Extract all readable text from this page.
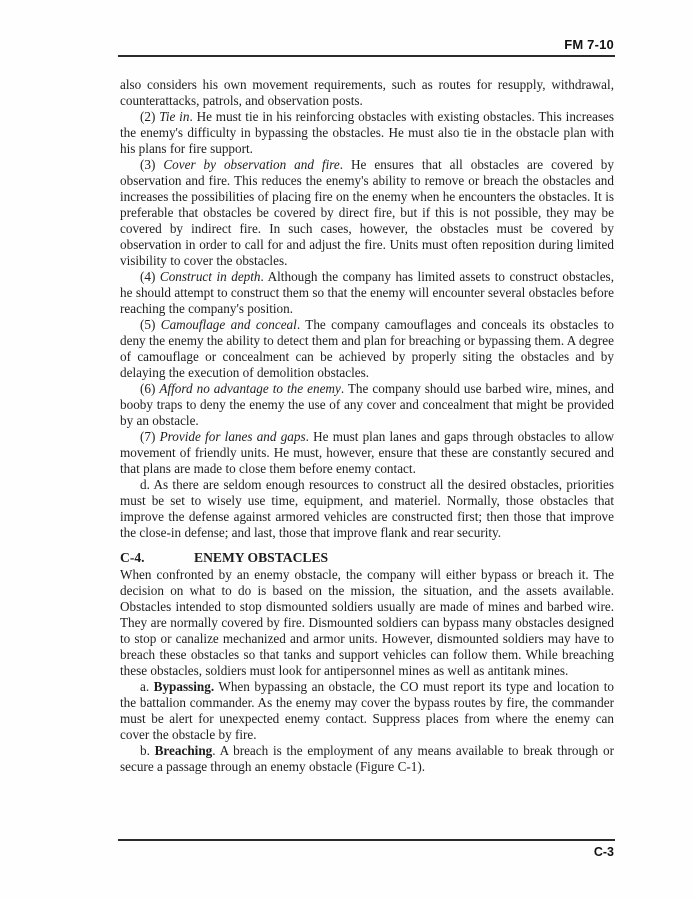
FM 7-10

also considers his own movement requirements, such as routes for resupply, withdrawal, counterattacks, patrols, and observation posts.

(2) Tie in. He must tie in his reinforcing obstacles with existing obstacles. This increases the enemy's difficulty in bypassing the obstacles. He must also tie in the obstacle plan with his plans for fire support.

(3) Cover by observation and fire. He ensures that all obstacles are covered by observation and fire. This reduces the enemy's ability to remove or breach the obstacles and increases the possibilities of placing fire on the enemy when he encounters the obstacles. It is preferable that obstacles be covered by direct fire, but if this is not possible, they may be covered by indirect fire. In such cases, however, the obstacles must be covered by observation in order to call for and adjust the fire. Units must often reposition during limited visibility to cover the obstacles.

(4) Construct in depth. Although the company has limited assets to construct obstacles, he should attempt to construct them so that the enemy will encounter several obstacles before reaching the company's position.

(5) Camouflage and conceal. The company camouflages and conceals its obstacles to deny the enemy the ability to detect them and plan for breaching or bypassing them. A degree of camouflage or concealment can be achieved by properly siting the obstacles and by delaying the execution of demolition obstacles.

(6) Afford no advantage to the enemy. The company should use barbed wire, mines, and booby traps to deny the enemy the use of any cover and concealment that might be provided by an obstacle.

(7) Provide for lanes and gaps. He must plan lanes and gaps through obstacles to allow movement of friendly units. He must, however, ensure that these are constantly secured and that plans are made to close them before enemy contact.

d. As there are seldom enough resources to construct all the desired obstacles, priorities must be set to wisely use time, equipment, and materiel. Normally, those obstacles that improve the defense against armored vehicles are constructed first; then those that improve the close-in defense; and last, those that improve flank and rear security.

C-4.	ENEMY OBSTACLES

When confronted by an enemy obstacle, the company will either bypass or breach it. The decision on what to do is based on the mission, the situation, and the assets available. Obstacles intended to stop dismounted soldiers usually are made of mines and barbed wire. They are normally covered by fire. Dismounted soldiers can bypass many obstacles designed to stop or canalize mechanized and armor units. However, dismounted soldiers may have to breach these obstacles so that tanks and support vehicles can follow them. While breaching these obstacles, soldiers must look for antipersonnel mines as well as antitank mines.

a. Bypassing. When bypassing an obstacle, the CO must report its type and location to the battalion commander. As the enemy may cover the bypass routes by fire, the commander must be alert for unexpected enemy contact. Suppress places from where the enemy can cover the obstacle by fire.

b. Breaching. A breach is the employment of any means available to break through or secure a passage through an enemy obstacle (Figure C-1).

C-3
